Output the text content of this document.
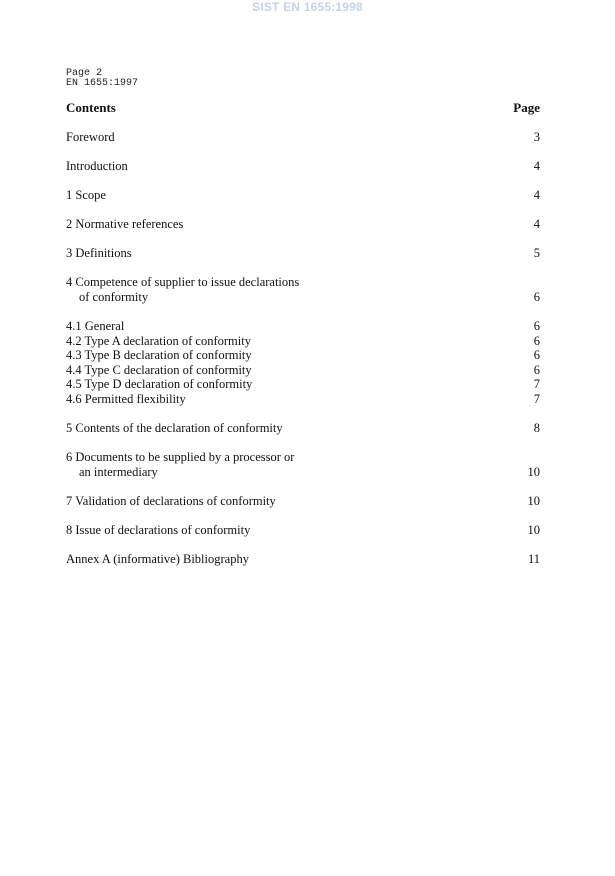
SIST EN 1655:1998
Page 2
EN 1655:1997
Contents	Page
Foreword	3
Introduction	4
1 Scope	4
2 Normative references	4
3 Definitions	5
4 Competence of supplier to issue declarations
of conformity	6
4.1 General	6
4.2 Type A declaration of conformity	6
4.3 Type B declaration of conformity	6
4.4 Type C declaration of conformity	6
4.5 Type D declaration of conformity	7
4.6 Permitted flexibility	7
5 Contents of the declaration of conformity	8
6 Documents to be supplied by a processor or
an intermediary	10
7 Validation of declarations of conformity	10
8 Issue of declarations of conformity	10
Annex A (informative) Bibliography	11
